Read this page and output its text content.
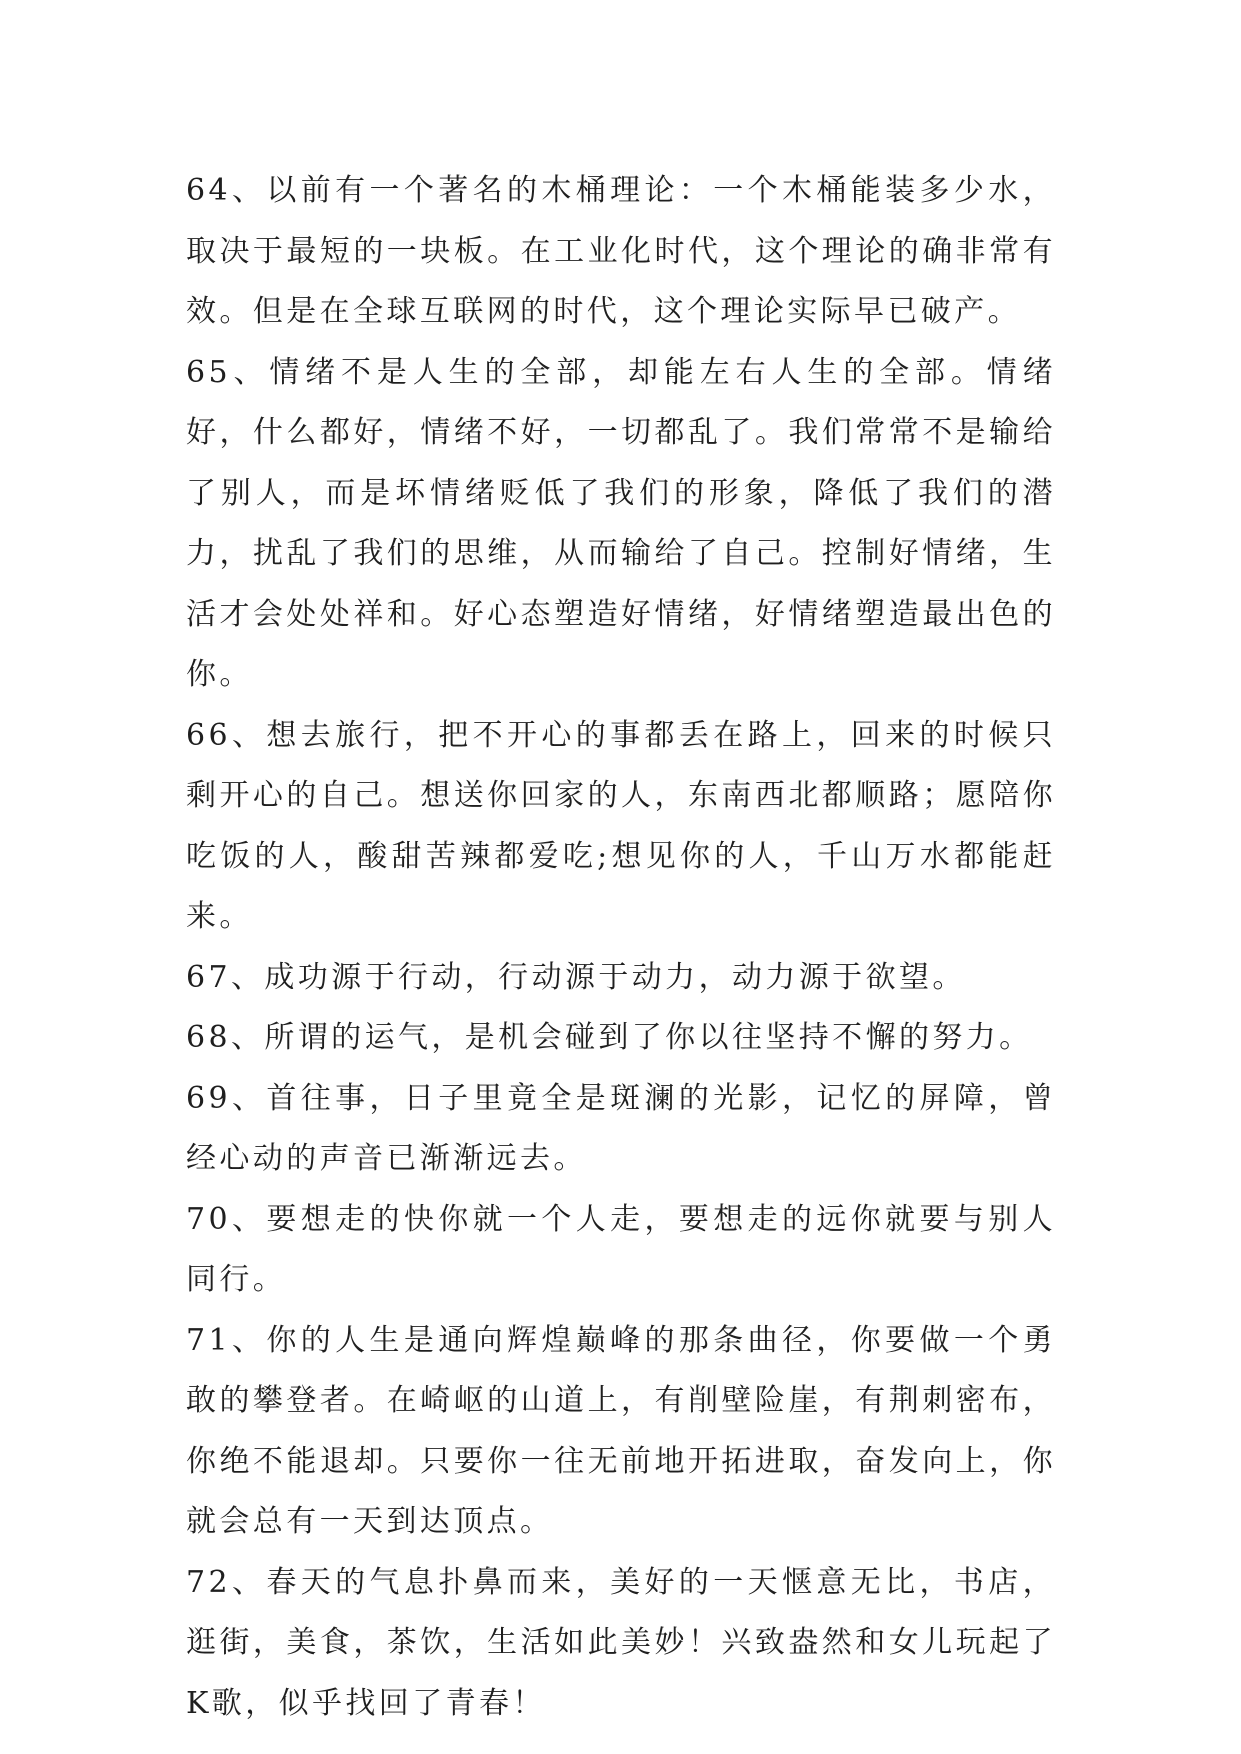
64、以前有一个著名的木桶理论：一个木桶能装多少水，取决于最短的一块板。在工业化时代，这个理论的确非常有效。但是在全球互联网的时代，这个理论实际早已破产。

65、情绪不是人生的全部，却能左右人生的全部。情绪好，什么都好，情绪不好，一切都乱了。我们常常不是输给了别人，而是坏情绪贬低了我们的形象，降低了我们的潜力，扰乱了我们的思维，从而输给了自己。控制好情绪，生活才会处处祥和。好心态塑造好情绪，好情绪塑造最出色的你。

66、想去旅行，把不开心的事都丢在路上，回来的时候只剩开心的自己。想送你回家的人，东南西北都顺路；愿陪你吃饭的人，酸甜苦辣都爱吃;想见你的人，千山万水都能赶来。

67、成功源于行动，行动源于动力，动力源于欲望。

68、所谓的运气，是机会碰到了你以往坚持不懈的努力。

69、首往事，日子里竟全是斑澜的光影，记忆的屏障，曾经心动的声音已渐渐远去。

70、要想走的快你就一个人走，要想走的远你就要与别人同行。

71、你的人生是通向辉煌巅峰的那条曲径，你要做一个勇敢的攀登者。在崎岖的山道上，有削壁险崖，有荆刺密布，你绝不能退却。只要你一往无前地开拓进取，奋发向上，你就会总有一天到达顶点。

72、春天的气息扑鼻而来，美好的一天惬意无比，书店，逛街，美食，茶饮，生活如此美妙！兴致盎然和女儿玩起了K歌，似乎找回了青春！
